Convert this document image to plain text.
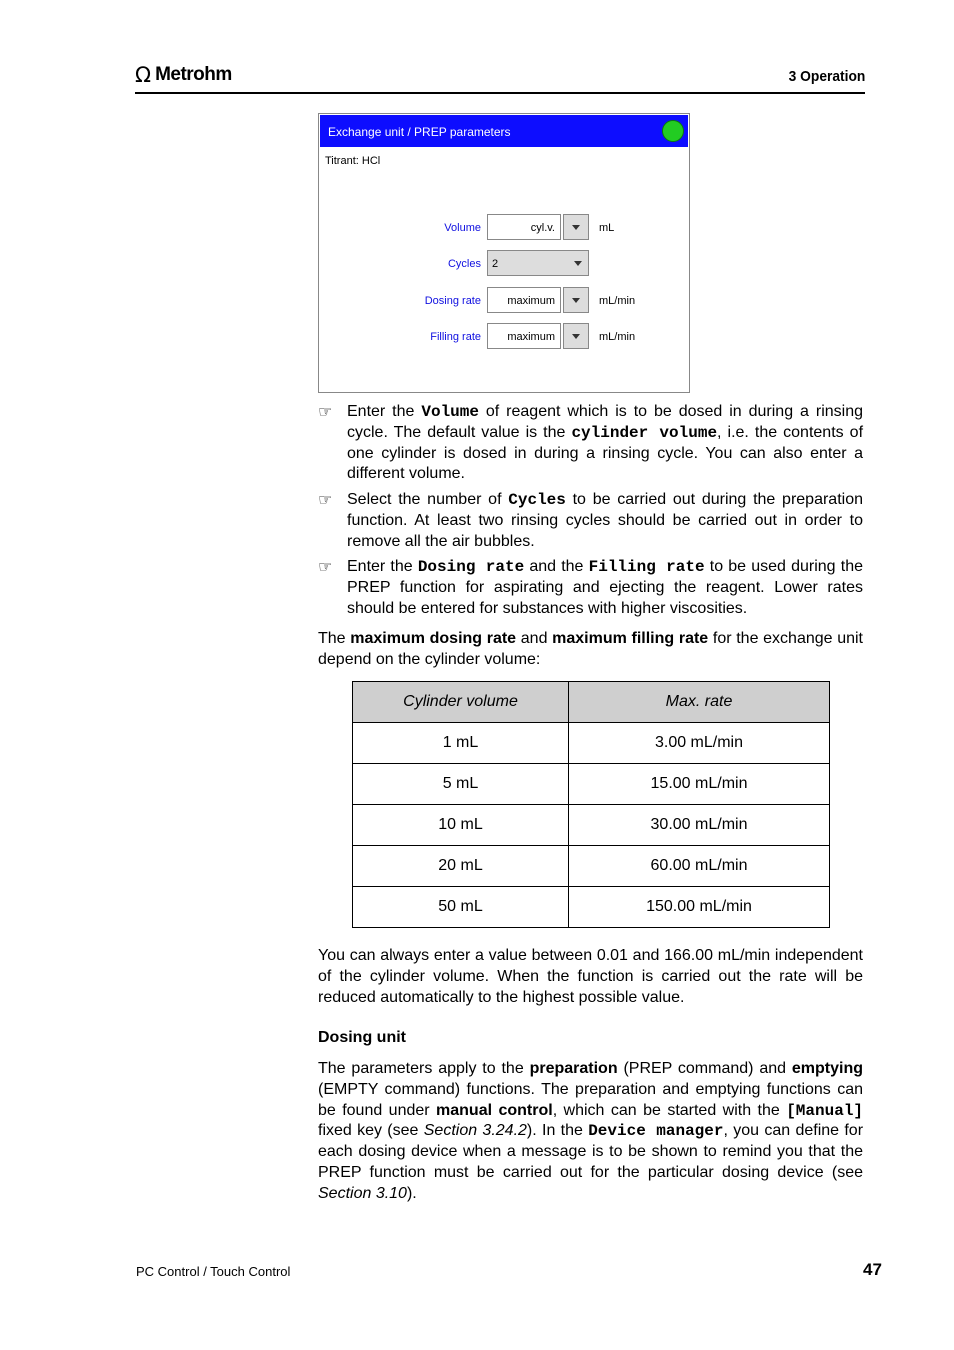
Ω Metrohm	3 Operation
Exchange unit / PREP parameters
Titrant: HCl
Volume	cyl.v.	mL
Cycles	2
Dosing rate	maximum	mL/min
Filling rate	maximum	mL/min
☞ Enter the Volume of reagent which is to be dosed in during a rinsing cycle. The default value is the cylinder volume, i.e. the contents of one cylinder is dosed in during a rinsing cycle. You can also enter a different volume.
☞ Select the number of Cycles to be carried out during the preparation function. At least two rinsing cycles should be carried out in order to remove all the air bubbles.
☞ Enter the Dosing rate and the Filling rate to be used during the PREP function for aspirating and ejecting the reagent. Lower rates should be entered for substances with higher viscosities.
The maximum dosing rate and maximum filling rate for the exchange unit depend on the cylinder volume:
Cylinder volume	Max. rate
1 mL	3.00 mL/min
5 mL	15.00 mL/min
10 mL	30.00 mL/min
20 mL	60.00 mL/min
50 mL	150.00 mL/min
You can always enter a value between 0.01 and 166.00 mL/min independent of the cylinder volume. When the function is carried out the rate will be reduced automatically to the highest possible value.
Dosing unit
The parameters apply to the preparation (PREP command) and emptying (EMPTY command) functions. The preparation and emptying functions can be found under manual control, which can be started with the [Manual] fixed key (see Section 3.24.2). In the Device manager, you can define for each dosing device when a message is to be shown to remind you that the PREP function must be carried out for the particular dosing device (see Section 3.10).
PC Control / Touch Control	47
